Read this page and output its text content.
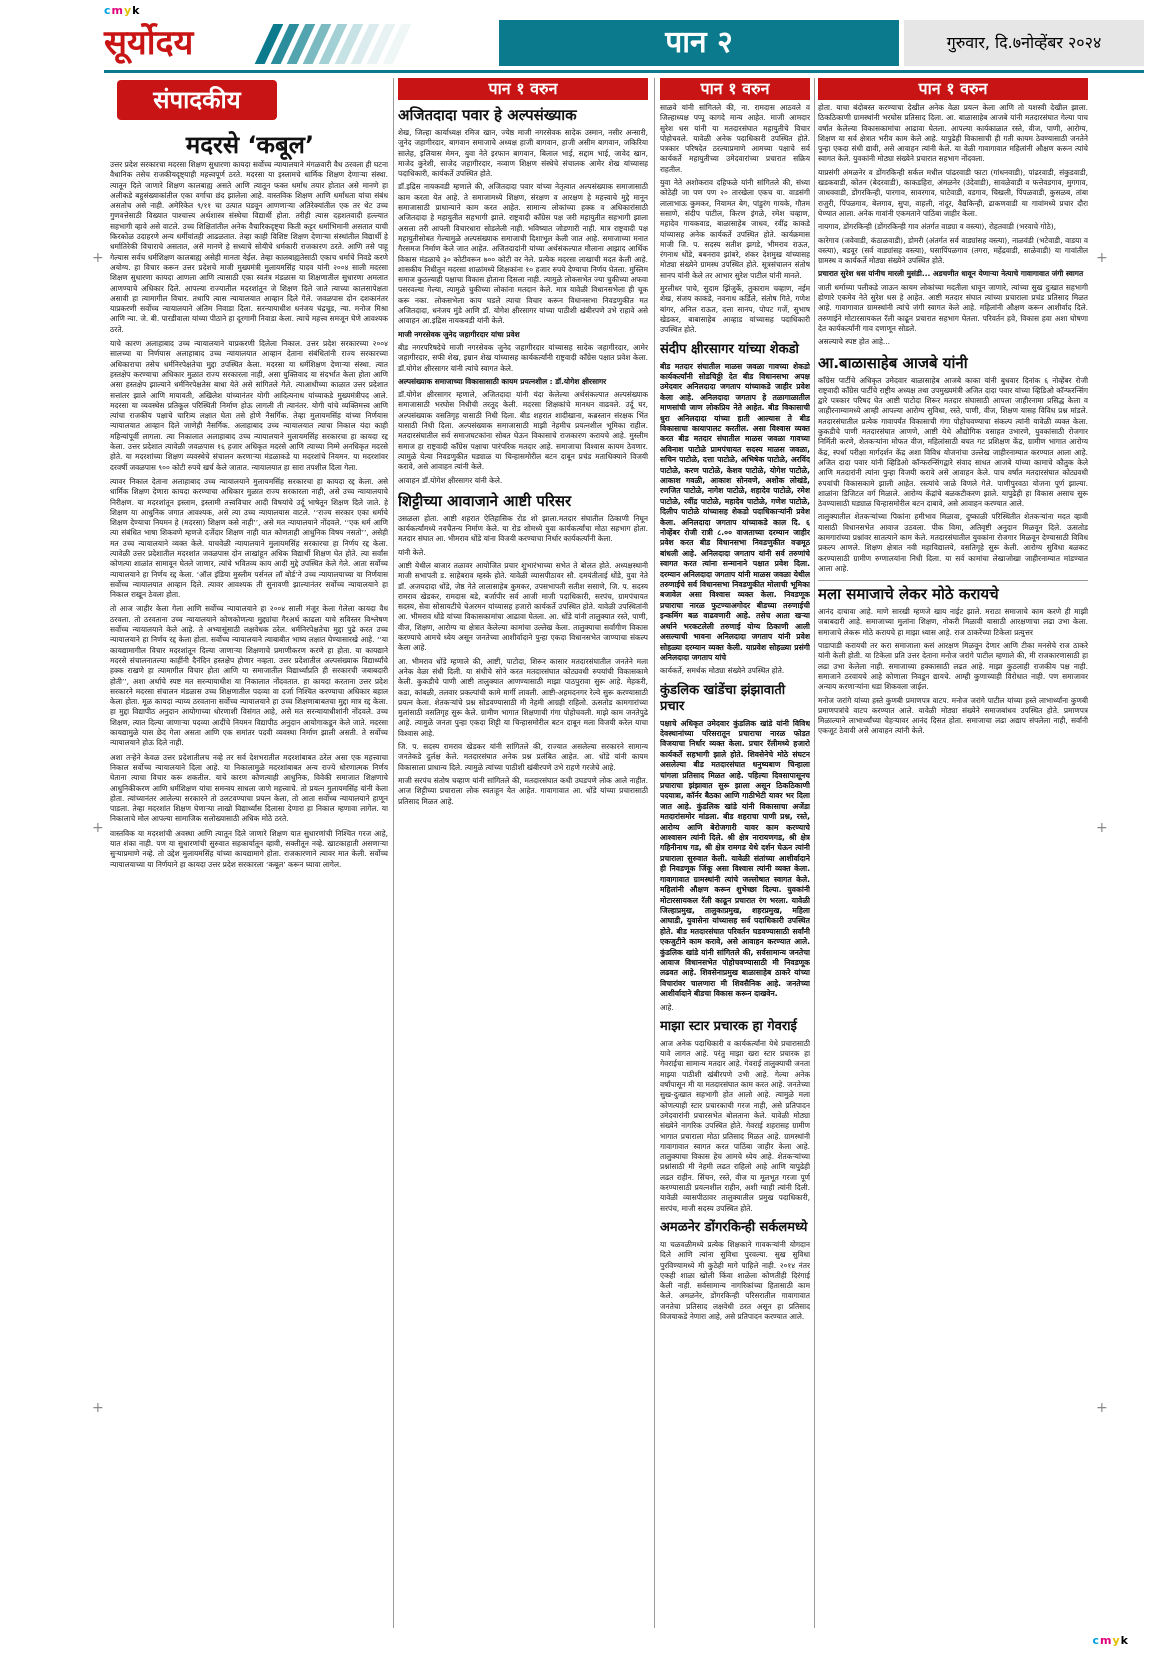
cmyk
सूर्योदय	पान २	गुरुवार, दि.७नोव्हेंबर २०२४
+
+
+
+
+
+
संपादकीय
मदरसे ‘कबूल’

उत्तर प्रदेश सरकारचा मदरसा शिक्षण सुधारणा कायदा सर्वोच्च न्यायालयाने मंगळवारी वैध ठरवला ही घटना वैधानिक तसेच राजकीयदृष्ट्याही महत्त्वपूर्ण ठरते. मदरसा या इस्लामचे धार्मिक शिक्षण देणाऱ्या संस्था. त्यातून दिले जाणारे शिक्षण कालबाह्य असते आणि त्यातून फक्त धर्मांध तयार होतात असे मानणे हा अलीकडे बहुसंख्याकांतील एका वर्गाचा छंद झालेला आहे. वास्तविक शिक्षण आणि धर्मांधता यांचा संबंध असतोच असे नाही. अमेरिकेत ९/११ चा उत्पात घडवून आणणाऱ्या अतिरेक्यांतील एक तर थेट उच्च गुणवत्तेसाठी विख्यात पाश्चात्त्य अर्थशास्त्र संस्थेचा विद्यार्थी होता. तरीही त्यास दहशतवादी हल्ल्यात सहभागी व्हावे असे वाटले. उच्च शिक्षितांतील अनेक वैचारिकदृष्ट्या किती कट्टर धर्माभिमानी असतात याची किरकोळ उदाहरणे अन्य धर्मीयांतही आढळतात. तेव्हा काही विशिष्ट शिक्षण देणाऱ्या संस्थांतील विद्यार्थी हे धर्मातिरेकी विचाराचे असतात, असे मानणे हे सध्याचे सोयीचे धर्मकारी राजकारण ठरते. आणि तसे पाहू गेल्यास सर्वच धर्मशिक्षण कालबाह्य असेही मानता येईल. तेव्हा कालबाह्यतेसाठी एकाच धर्माचे निवडे करणे अयोग्य. हा विचार करून उत्तर प्रदेशचे माजी मुख्यमंत्री मुलायमसिंह यादव यांनी २००४ साली मदरसा शिक्षण सुधारणा कायदा आणला आणि त्यासाठी एका स्वतंत्र मंडळास या शिक्षणातील सुधारणा अमलात आणण्याचे अधिकार दिले. आपल्या राज्यातील मदरशांतून जे शिक्षण दिले जाते त्याच्या कालसापेक्षता असावी हा त्यामागील विचार. तथापि त्यास न्यायालयात आव्हान दिले गेले. जवळपास दोन दशकानंतर याप्रकरणी सर्वोच्च न्यायालयाने अंतिम निवाडा दिला. सरन्यायाधीश धनंजय चंद्रचूड, न्या. मनोज मिश्रा आणि न्या. जे. बी. पारडीवाला यांच्या पीठाने हा दूरगामी निवाडा केला. त्याचे महत्त्व समजून घेणे आवश्यक ठरते.

याचे कारण अलाहाबाद उच्च न्यायालयाने याप्रकरणी दिलेला निकाल. उत्तर प्रदेश सरकारच्या २००४ सालच्या या निर्णयास अलाहाबाद उच्च न्यायालयात आव्हान देताना संबंधितांनी राज्य सरकारच्या अधिकाराचा तसेच धर्मनिरपेक्षतेचा मुद्दा उपस्थित केला. मदरसा या धर्मशिक्षण देणाऱ्या संस्था. त्यात हस्तक्षेप करण्याचा अधिकार मुळात राज्य सरकारला नाही, असा युक्तिवाद या संदर्भात केला होता आणि असा हस्तक्षेप झाल्याने धर्मनिरपेक्षतेस बाधा येते असे सांगितले गेले. त्याआधीच्या काळात उत्तर प्रदेशात सत्तांतर झाले आणि मायावती, अखिलेश यांच्यानंतर योगी आदित्यनाथ यांच्याकडे मुख्यमंत्रीपद आले. मदरसा या व्यवस्थेस प्रतिकूल परिस्थिती निर्माण होऊ लागली ती त्यानंतर. योगी यांचे व्यक्तिमत्त्व आणि त्यांचा राजकीय पक्षाचे चारित्र्य लक्षात घेता तसे होणे नैसर्गिक. तेव्हा मुलायमसिंह यांच्या निर्णयास न्यायालयात आव्हान दिले जाणेही नैसर्गिक. अलाहाबाद उच्च न्यायालयात त्याचा निकाल यंदा काही महिन्यांपूर्वी लागला. त्या निकालात अलाहाबाद उच्च न्यायालयाने मुलायमसिंह सरकारचा हा कायदा रद्द केला. उत्तर प्रदेशात त्यावेळी जवळपास १६ हजार अधिकृत मदरसे आणि त्याच्या निम्मे अनधिकृत मदरसे होते. या मदरशांच्या शिक्षण व्यवस्थेचे संचालन करणाऱ्या मंडळाकडे या मदरशांचे नियमन. या मदरशांवर दरवर्षी जवळपास ९०० कोटी रुपये खर्च केले जातात. न्यायालयात हा सारा तपशील दिला गेला.

त्यावर निकाल देताना अलाहाबाद उच्च न्यायालयाने मुलायमसिंह सरकारचा हा कायदा रद्द केला. असे धार्मिक शिक्षण देणारा कायदा करण्याचा अधिकार मुळात राज्य सरकारला नाही, असे उच्च न्यायालयाचे निरीक्षण. या मदरशांतून इस्लाम, इस्लामी तत्त्वविचार आदी विषयांचे उर्दू भाषेतून शिक्षण दिले जाते. हे शिक्षण या आधुनिक जगात आवश्यक, असे त्या उच्च न्यायालयास वाटले. ‘‘राज्य सरकार एका धर्माचे शिक्षण देण्याचा नियमन हे (मदरसा) शिक्षण कसे नाही’’, असे मत न्यायालयाने नोंदवले. ‘‘एक धर्म आणि त्या संबंधित भाषा शिकवणे म्हणजे दर्जेदार शिक्षण नाही यात कोणताही आधुनिक विषय नसतो’’, असेही मत उच्च न्यायालयाने व्यक्त केले. याचवेळी न्यायालयाने मुलायमसिंह सरकारचा हा निर्णय रद्द केला. त्यावेळी उत्तर प्रदेशातील मदरशांत जवळपास दोन लाखांहून अधिक विद्यार्थी शिक्षण घेत होते. त्या सर्वांस कोणत्या शाळांत सामावून घेतले जाणार, त्यांचे भवितव्य काय आदी मुद्दे उपस्थित केले गेले. आता सर्वोच्च न्यायालयाने हा निर्णय रद्द केला. ‘ऑल इंडिया मुस्लीम पर्सनल लॉ बोर्ड’ने उच्च न्यायालयाच्या या निर्णयास सर्वोच्च न्यायालयात आव्हान दिले. त्यावर आवश्यक ती सुनावणी झाल्यानंतर सर्वोच्च न्यायालयाने हा निकाल राखून ठेवला होता.

तो आज जाहीर केला गेला आणि सर्वोच्च न्यायालयाने हा २००४ साली मंजूर केला गेलेला कायदा वैध ठरवला. तो ठरवताना उच्च न्यायालयाने कोणकोणत्या मुद्द्यांचा गैरअर्थ काढला याचे सविस्तर विश्लेषण सर्वोच्च न्यायालयाने केले आहे. ते अभ्यासूंसाठी लक्षवेधक ठरेल. धर्मनिरपेक्षतेचा मुद्दा पुढे करत उच्च न्यायालयाने हा निर्णय रद्द केला होता. सर्वोच्च न्यायालयाने त्याबाबीत भाष्य लक्षात घेण्यासारखे आहे. ‘‘या कायद्यामागील विचार मदरशांतून दिल्या जाणाऱ्या शिक्षणाचे प्रमाणीकरण करणे हा होता. या कायद्याने मदरसे संचालनातल्या काहींनी दैनंदिन हस्तक्षेप होणार नव्हता. उत्तर प्रदेशातील अल्पसंख्याक विद्यार्थ्यांचे हक्क राखणे हा त्यामागील विचार होता आणि या समाजातील विद्यार्थ्यांप्रति ही सरकारची जबाबदारी होती’’, अशा अर्थाचे स्पष्ट मत सरन्यायाधीश या निकालात नोंदवतात. हा कायदा करताना उत्तर प्रदेश सरकारने मदरसा संचालन मंडळास उच्च शिक्षणातील पदव्या वा दर्जा निश्चित करण्याचा अधिकार बहाल केला होता. मूळ कायदा न्याय्य ठरवताना सर्वोच्च न्यायालयाने हा उच्च शिक्षणाबाबतचा मुद्दा मात्र रद्द केला. हा मुद्दा विद्यापीठ अनुदान आयोगाच्या धोरणाशी विसंगत आहे, असे मत सरन्यायाधीशांनी नोंदवले. उच्च शिक्षण, त्यात दिल्या जाणाऱ्या पदव्या आदींचे नियमन विद्यापीठ अनुदान आयोगाकडून केले जाते. मदरसा कायद्यामुळे यास छेद गेला असता आणि एक समांतर पदवी व्यवस्था निर्माण झाली असती. ते सर्वोच्च न्यायालयाने होऊ दिले नाही.

अशा तऱ्हेने केवळ उत्तर प्रदेशातीलच नव्हे तर सर्व देशभरातील मदरशांबाबत ठरेल असा एक महत्त्वाचा निकाल सर्वोच्च न्यायालयाने दिला आहे. या निकालामुळे मदरशांबाबत अन्य राज्ये धोरणात्मक निर्णय घेताना त्याचा विचार करू शकतील. याचे कारण कोणत्याही आधुनिक, विवेकी समाजात शिक्षणाचे आधुनिकीकरण आणि धर्मशिक्षण यांचा समन्वय साधला जाणे महत्त्वाचे. तो प्रयत्न मुलायमसिंह यांनी केला होता. त्यांच्यानंतर आलेल्या सरकारने तो उलटवण्याचा प्रयत्न केला, तो आता सर्वोच्च न्यायालयाने हाणून पाडला. तेव्हा मदरशांत शिक्षण घेणाऱ्या लाखो विद्यार्थ्यांस दिलासा देणारा हा निकाल म्हणावा लागेल. या निकालाचे मोल आपल्या सामाजिक सलोख्यासाठी अधिक मोठे ठरते.

वास्तविक या मदरशांची अवस्था आणि त्यातून दिले जाणारे शिक्षण यात सुधारणांची निश्चित गरज आहे, यात शंका नाही. पण या सुधारणांची सुरुवात सहकार्यातून व्हावी, सक्तीतून नव्हे. खाटकाहाती असणाऱ्या सुऱ्याप्रमाणे नव्हे. तो उद्देश मुलायमसिंह यांच्या कायद्यामागे होता. राजकारणाने त्यावर मात केली. सर्वोच्च न्यायालयाच्या या निर्णयाने हा कायदा उत्तर प्रदेश सरकारला ‘कबूल’ करून घ्यावा लागेल.

पान १ वरुन
अजितदादा पवार हे अल्पसंख्याक

शेख, जिल्हा कार्याध्यक्ष रमिज खान, ज्येष्ठ माजी नगरसेवक सादेक उस्मान, नसीर अन्सारी, जुनेद जहागीरदार, बागवान समाजाचे अध्यक्ष हाजी बागवान, हाजी असीम बागवान, जकिरिया सालेह, इलियास मेमन, युवा नेते इरफान बागवान, बिलाल भाई, सद्दाम भाई, जावेद खान, माजेद कुरेशी, साजेद जहागीरदार, नव्वाण शिक्षण संस्थेचे संचालक आमेर शेख यांच्यासह पदाधिकारी, कार्यकर्ते उपस्थित होते.

डॉ.इद्रिस नायकवडी म्हणाले की, अजितदादा पवार यांच्या नेतृत्वात अल्पसंख्याक समाजासाठी काम करता येत आहे. ते समाजामध्ये शिक्षण, संरक्षण व आरक्षण हे महत्त्वाचे मुद्दे मानून समाजासाठी प्राधान्याने काम करत आहेत. सामान्य लोकांच्या हक्क व अधिकारांसाठी अजितदादा हे महायुतीत सहभागी झाले. राष्ट्रवादी काँग्रेस पक्ष जरी महायुतीत सहभागी झाला असला तरी आपली विचारधारा सोडलेली नाही. भविष्यात जोडणारी नाही. मात्र राष्ट्रवादी पक्ष महायुतीसोबत गेल्यामुळे अल्पसंख्याक समाजाची दिशाभूल केली जात आहे. समाजाच्या मनात गैरसमज निर्माण केले जात आहेत. अजितदादांनी यांच्या अर्थसंकल्पात मौलाना आझाद आर्थिक विकास मंडळाचे ३० कोटीवरून ७०० कोटी वर नेले. प्रत्येक मदरसा लाखाची मदत केली आहे. शासकीय निधीतून मदरसा शाळांमध्ये शिक्षकांना १० हजार रुपये देण्याचा निर्णय घेतला. मुस्लिम समाज कुठल्याही पक्षाचा विकास होताना दिसला नाही. त्यामुळे लोकसभेत ज्या चुकीच्या अफवा पसरवल्या गेल्या, त्यामुळे चुकीच्या लोकांना मतदान केले. मात्र यावेळी विधानसभेला ही चूक करू नका. लोकसभेला काय घडले त्याचा विचार करून विधानसभा निवडणुकीत मत अजितदादा, धनंजय मुंडे आणि डॉ. योगेश क्षीरसागर यांच्या पाठीशी खंबीरपणे उभे राहावे असे आवाहन आ.इद्रिस नायकवडी यांनी केले.

माजी नगरसेवक जुनेद जहागीरदार यांचा प्रवेश

बीड नगरपरिषदेचे माजी नगरसेवक जुनेद जहागीरदार यांच्यासह सादेक जहागीरदार, आमेर जहागीरदार, सफी शेख, इम्रान शेख यांच्यासह कार्यकर्त्यांनी राष्ट्रवादी काँग्रेस पक्षात प्रवेश केला. डॉ.योगेश क्षीरसागर यांनी त्यांचे स्वागत केले.

अल्पसंख्याक समाजाच्या विकासासाठी कायम प्रयत्नशील : डॉ.योगेश क्षीरसागर

डॉ.योगेश क्षीरसागर म्हणाले, अजितदादा यांनी यंदा केलेल्या अर्थसंकल्पात अल्पसंख्याक समाजासाठी भरघोस निधीची तरतूद केली. मदरसा शिक्षकांचे मानधन वाढवले. उर्दू घर, अल्पसंख्याक वसतिगृह यासाठी निधी दिला. बीड शहरात शादीखाना, कब्रस्तान संरक्षक भिंत यासाठी निधी दिला. अल्पसंख्याक समाजासाठी माझी नेहमीच प्रयत्नशील भूमिका राहील. मतदारसंघातील सर्व समाजघटकांना सोबत घेऊन विकासाचे राजकारण करायचे आहे. मुस्लीम समाज हा राष्ट्रवादी काँग्रेस पक्षाचा पारंपरिक मतदार आहे. समाजाचा विश्वास कायम ठेवणार. त्यामुळे येत्या निवडणुकीत घड्याळ या चिन्हासमोरील बटन दाबून प्रचंड मताधिक्याने विजयी करावे, असे आवाहन त्यांनी केले.

आवाहन डॉ.योगेश क्षीरसागर यांनी केले.

शिट्टीच्या आवाजाने आष्टी परिसर

उसळला होता. आष्टी शहरात ऐतिहासिक रोड शो झाला.मतदार संघातील ठिकाणी निघून कार्यकर्त्यांमध्ये नवचैतन्य निर्माण केले. या रोड शोमध्ये युवा कार्यकर्त्यांचा मोठा सहभाग होता. मतदार संघात आ. भीमराव धोंडे यांना विजयी करण्याचा निर्धार कार्यकर्त्यांनी केला.

यांनी केले.

आष्टी येथील बाजार तळावर आयोजित प्रचार शुभारंभाच्या सभेत ते बोलत होते. अध्यक्षस्थानी माजी सभापती ड. साहेबराव म्हस्के होते. यावेळी व्यासपीठावर सौ. दमयंतीताई धोंडे, युवा नेते डॉ. अजयदादा धोंडे, जेष्ठ नेते लालासाहेब कुमकर, उपसभापती सतीश ससाणे, जि. प. सदस्य रामराव खेडकर, रामदास बडे, बर्जापीर सर्व आजी माजी पदाधिकारी, सरपंच, ग्रामपंचायत सदस्य, सेवा सोसायटीचे चेअरमन यांच्यासह हजारो कार्यकर्ते उपस्थित होते. यावेळी उपस्थितांनी आ. भीमराव धोंडे यांच्या विकासकामांचा आढावा घेतला. आ. धोंडे यांनी तालुक्यात रस्ते, पाणी, वीज, शिक्षण, आरोग्य या क्षेत्रात केलेल्या कामांचा उल्लेख केला. तालुक्याचा सर्वांगीण विकास करण्याचे आमचे ध्येय असून जनतेच्या आशीर्वादाने पुन्हा एकदा विधानसभेत जाण्याचा संकल्प केला आहे.

आ. भीमराव धोंडे म्हणाले की, आष्टी, पाटोदा, शिरूर कासार मतदारसंघातील जनतेने मला अनेक वेळा संधी दिली. या संधीचे सोने करत मतदारसंघात कोट्यवधी रुपयांची विकासकामे केली. कुकडीचे पाणी आष्टी तालुक्यात आणण्यासाठी माझा पाठपुरावा सुरू आहे. मेहकरी, कडा, कांबळी, तलवार प्रकल्पांची कामे मार्गी लावली. आष्टी-अहमदनगर रेल्वे सुरू करण्यासाठी प्रयत्न केला. शेतकऱ्यांचे प्रश्न सोडवण्यासाठी मी नेहमी आग्रही राहिलो. ऊसतोड कामगारांच्या मुलांसाठी वसतिगृह सुरू केले. ग्रामीण भागात शिक्षणाची गंगा पोहोचवली. माझे काम जनतेपुढे आहे. त्यामुळे जनता पुन्हा एकदा शिट्टी या चिन्हासमोरील बटन दाबून मला विजयी करेल याचा विश्वास आहे.

जि. प. सदस्य रामराव खेडकर यांनी सांगितले की, राज्यात असलेल्या सरकारने सामान्य जनतेकडे दुर्लक्ष केले. मतदारसंघात अनेक प्रश्न प्रलंबित आहेत. आ. धोंडे यांनी कायम विकासाला प्राधान्य दिले. त्यामुळे त्यांच्या पाठीशी खंबीरपणे उभे राहणे गरजेचे आहे.

माजी सरपंच संतोष चव्हाण यांनी सांगितले की, मतदारसंघात कधी उघडपणे लोक आले नाहीत. आज शिट्टीच्या प्रचाराला लोक स्वतःहून येत आहेत. गावागावात आ. धोंडे यांच्या प्रचारासाठी प्रतिसाद मिळत आहे.

पान १ वरुन

साळवे यांनी सांगितले की, ना. रामदास आठवले व जिल्हाध्यक्ष पप्पू कागदे मान्य आहेत. माजी आमदार सुरेश धस यांनी या मतदारसंघात महायुतीचे विचार पोहोचवले. यावेळी अनेक पदाधिकारी उपस्थित होते. पत्रकार परिषदेत ठरल्याप्रमाणे आमच्या पक्षाचे सर्व कार्यकर्ते महायुतीच्या उमेदवारांच्या प्रचारात सक्रिय राहतील.

युवा नेते अशोकराव दहिफळे यांनी सांगितले की, संध्या कोठेही जा पण पण २० तारखेला एकच या. वाडसंगी लालाभाऊ कुमकर, नियामत बेग, पांडुरंग गायके, गौतम ससाणे, संदीप पाटील, किरण इंगळे, रमेश चव्हाण, महादेव गायकवाड, बाळासाहेब जाधव, रवींद्र काकडे यांच्यासह अनेक कार्यकर्ते उपस्थित होते. कार्यक्रमास माजी जि. प. सदस्य सतीश झगडे, भीमराव राऊत, रंगनाथ धोंडे, बबनराव झांबरे, शंकर देशमुख यांच्यासह मोठ्या संख्येने ग्रामस्थ उपस्थित होते. सूत्रसंचालन संतोष सानप यांनी केले तर आभार सुरेश पाटील यांनी मानले.

मुरलीधर पाचे, सुदाम झिंजुर्के, तुकाराम चव्हाण, नईम शेख, संजय काकडे, नवनाथ कर्डिले, संतोष गिते, गणेश बांगर, अनिल राऊत, दत्ता सानप, पोपट गर्जे, सुभाष खेडकर, बाबासाहेब आव्हाड यांच्यासह पदाधिकारी उपस्थित होते.

संदीप क्षीरसागर यांच्या शेकडो

बीड मतदार संघातील माळस जवळा गावच्या शेकडो कार्यकर्त्यांनी सोडचिठ्ठी देत बीड विधानसभा अपक्ष उमेदवार अनिलदादा जगताप यांच्याकडे जाहीर प्रवेश केला आहे. अनिलदादा जगताप हे तळागाळातील माणसांची जाण लोकप्रिय नेते आहेत. बीड विकासाची धुरा अनिलदादा यांच्या हाती आल्यास ते बीड विकासाचा कायापालट करतील. असा विश्वास व्यक्त करत बीड मतदार संघातील माळस जवळा गावच्या अविनाश पाटोळे प्रामपंचायत सदस्य माळस जवळा, सचिन पाटोळे, दत्ता पाटोळे, अभिषेक पाटोळे, अरविंद पाटोळे, करण पाटोळे, केशव पाटोळे, योगेश पाटोळे, आकाश गवळी, आकाश सोनवणे, अशोक लोखंडे, रणजित पाटोळे, नागेश पाटोळे, शहादेव पाटोळे, रमेश पाटोळे, रवींद्र पाटोळे, महादेव पाटोळे, गणेश पाटोळे, दिलीप पाटोळे यांच्यासह शेकडो पदाधिकाऱ्यांनी प्रवेश केला. अनिलदादा जगताप यांच्याकडे काल दि. ६ नोव्हेंबर रोजी रात्री ८.०० वाजताच्या दरम्यान जाहीर प्रवेश करत बीड विधानसभा निवडणुकीत वज्रमूठ बांधली आहे. अनिलदादा जगताप यांनी सर्व तरुणांचे स्वागत करत त्यांना सन्मानाने पक्षात प्रवेश दिला. दरम्यान अनिलदादा जगताप यांनी माळस जवळा येथील तरुणाईचे सर्व विधानसभा निवडणुकीत मोलाची भूमिका बजावेल असा विश्वास व्यक्त केला. निवडणूक प्रचाराचा नारळ फुटण्याअगोदर बीडच्या तरुणाईची इन्कमिंग बळ वाढवणारी आहे. तसेच आता खऱ्या अर्थाने भरकटलेली तरुणाई योग्य ठिकाणी आली असल्याची भावना अनिलदादा जगताप यांनी प्रवेश सोहळ्या दरम्यान व्यक्त केली. याप्रवेश सोहळ्या प्रसंगी अनिलदादा जगताप यांचे

कार्यकर्ते, समर्थक मोठ्या संख्येने उपस्थित होते.

कुंडलिक खांडेंचा झंझावाती प्रचार

पक्षाचे अधिकृत उमेदवार कुंडलिक खांडे यांनी विविध देवस्थानांच्या परिसरातून प्रचाराचा नारळ फोडत विजयाचा निर्धार व्यक्त केला. प्रचार रॅलीमध्ये हजारो कार्यकर्ते सहभागी झाले होते. शिवसेनेचे मोठे संघटन असलेल्या बीड मतदारसंघात धनुष्यबाण चिन्हाला चांगला प्रतिसाद मिळत आहे. पहिल्या दिवसापासूनच प्रचाराचा झंझावात सुरू झाला असून ठिकठिकाणी पदयात्रा, कॉर्नर बैठका आणि गाठीभेटी यावर भर दिला जात आहे. कुंडलिक खांडे यांनी विकासाचा अजेंडा मतदारांसमोर मांडला. बीड शहराचा पाणी प्रश्न, रस्ते, आरोग्य आणि बेरोजगारी यावर काम करण्याचे आश्वासन त्यांनी दिले. श्री क्षेत्र नारायणगड, श्री क्षेत्र गहिनीनाथ गड, श्री क्षेत्र रामगड येथे दर्शन घेऊन त्यांनी प्रचाराला सुरुवात केली. यावेळी संतांच्या आशीर्वादाने ही निवडणूक जिंकू असा विश्वास त्यांनी व्यक्त केला. गावागावात ग्रामस्थांनी त्यांचे जल्लोषात स्वागत केले. महिलांनी औक्षण करून शुभेच्छा दिल्या. युवकांनी मोटारसायकल रॅली काढून प्रचारात रंग भरला. यावेळी जिल्हाप्रमुख, तालुकाप्रमुख, शहरप्रमुख, महिला आघाडी, युवासेना यांच्यासह सर्व पदाधिकारी उपस्थित होते. बीड मतदारसंघात परिवर्तन घडवण्यासाठी सर्वांनी एकजुटीने काम करावे, असे आवाहन करण्यात आले. कुंडलिक खांडे यांनी सांगितले की, सर्वसामान्य जनतेचा आवाज विधानसभेत पोहोचवण्यासाठी मी निवडणूक लढवत आहे. शिवसेनाप्रमुख बाळासाहेब ठाकरे यांच्या विचारांवर चालणारा मी शिवसैनिक आहे. जनतेच्या आशीर्वादाने बीडचा विकास करून दाखवेन.

आहे.

माझा स्टार प्रचारक हा गेवराई

आज अनेक पदाधिकारी व कार्यकर्त्यांना येथे प्रचारासाठी यावे लागत आहे. परंतु माझा खरा स्टार प्रचारक हा गेवराईचा सामान्य मतदार आहे. गेवराई तालुक्याची जनता माझ्या पाठीशी खंबीरपणे उभी आहे. गेल्या अनेक वर्षांपासून मी या मतदारसंघात काम करत आहे. जनतेच्या सुख-दुःखात सहभागी होत आलो आहे. त्यामुळे मला कोणत्याही स्टार प्रचारकाची गरज नाही, असे प्रतिपादन उमेदवारांनी प्रचारसभेत बोलताना केले. यावेळी मोठ्या संख्येने नागरिक उपस्थित होते. गेवराई शहरासह ग्रामीण भागात प्रचाराला मोठा प्रतिसाद मिळत आहे. ग्रामस्थांनी गावागावात स्वागत करत पाठिंबा जाहीर केला आहे. तालुक्याचा विकास हेच आमचे ध्येय आहे. शेतकऱ्यांच्या प्रश्नांसाठी मी नेहमी लढत राहिलो आहे आणि यापुढेही लढत राहीन. सिंचन, रस्ते, वीज या मूलभूत गरजा पूर्ण करण्यासाठी प्रयत्नशील राहीन, अशी ग्वाही त्यांनी दिली. यावेळी व्यासपीठावर तालुक्यातील प्रमुख पदाधिकारी, सरपंच, माजी सदस्य उपस्थित होते.

अमळनेर डोंगरकिन्ही सर्कलमध्ये

या चळवळीमध्ये प्रत्येक शिक्षकाने गावकऱ्यांनी योगदान दिले आणि त्यांना सुविधा पुरवल्या. सुख सुविधा पुरविण्यामध्ये मी कुठेही मागे पाहिले नाही. २०१४ नंतर एकही शाळा खोली किंवा शाळेला कोणतीही दिरंगाई केली नाही. सर्वसामान्य नागरिकांच्या हितासाठी काम केले. अमळनेर, डोंगरकिन्ही परिसरातील गावागावात जनतेचा प्रतिसाद लक्षवेधी ठरत असून हा प्रतिसाद विजयाकडे नेणारा आहे, असे प्रतिपादन करण्यात आले.

पान १ वरुन

होता. याचा बंदोबस्त करण्याचा देखील अनेक वेळा प्रयत्न केला आणि तो यशस्वी देखील झाला. ठिकठिकाणी ग्रामस्थांनी भरघोस प्रतिसाद दिला. आ. बाळासाहेब आजबे यांनी मतदारसंघात गेल्या पाच वर्षांत केलेल्या विकासकामांचा आढावा घेतला. आपल्या कार्यकाळात रस्ते, वीज, पाणी, आरोग्य, शिक्षण या सर्व क्षेत्रात भरीव काम केले आहे. यापुढेही विकासाची ही गती कायम ठेवण्यासाठी जनतेने पुन्हा एकदा संधी द्यावी, असे आवाहन त्यांनी केले. या वेळी गावागावात महिलांनी औक्षण करून त्यांचे स्वागत केले. युवकांनी मोठ्या संख्येने प्रचारात सहभाग नोंदवला.

याप्रसंगी अंमळनेर व डोंगरकिन्ही सर्कल मधील पांढरवाडी फाटा (गांधनवाडी), पांढरवाडी, संकुडवाडी, खडकवाडी, कोतन (बेदरवाडी), काकडहिरा, अंमळनेर (उंदेवाडी), सावळेवाडी व फत्तेवडगाव, मुगगाव, जाधववाडी, डोंगरकिन्ही, पारगाव, सावरगाव, घाटेवाडी, वडगाव, चिखली, पिंपळवाडी, कुसळब, तांबा राजुरी, पिंपळगाव, बेलगाव, सुपा, वाहली, नांदूर, वैद्यकिन्ही, ढाकणवाडी या गावांमध्ये प्रचार दौरा घेण्यात आला. अनेक गावांनी एकमताने पाठिंबा जाहीर केला.

नायगाव, डोंगरकिन्ही (डोंगरकिन्ही गाव अंतर्गत वाड्या व वस्त्या), रोहतवाडी (भरवाचे गोठे),

कारेगाव (जवेवाडी, कंठाळवाडी), डोमरी (अंतर्गत सर्व वाड्यांसह वस्त्या), नाळवंडी (भटेवाडी, वाडया व वस्त्या), बडवूर (सर्व वाड्यांसह वस्त्या), घसापिंपळगाव (तगरा, महेंद्रवाडी, साळेवाडी) या गावांतील ग्रामस्थ व कार्यकर्ते मोठ्या संख्येने उपस्थित होते.

प्रचारात सुरेश धस यांनीच मारली मुसंडी... अडचणीत धावून येणाऱ्या नेत्याचे गावागावात जंगी स्वागत

जाती धर्माच्या पलीकडे जाऊन कायम लोकांच्या मदतीला धावून जाणारे, त्यांच्या सुख दुःखात सहभागी होणारे एकमेव नेते सुरेश धस हे आहेत. आष्टी मतदार संघात त्यांच्या प्रचाराला प्रचंड प्रतिसाद मिळत आहे. गावागावात ग्रामस्थांनी त्यांचे जंगी स्वागत केले आहे. महिलांनी औक्षण करून आशीर्वाद दिले. तरुणाईने मोटारसायकल रॅली काढून प्रचारात सहभाग घेतला. परिवर्तन हवे, विकास हवा अशा घोषणा देत कार्यकर्त्यांनी गाव दणाणून सोडले.

असल्याचे स्पष्ट होत आहे...

आ.बाळासाहेब आजबे यांनी

काँग्रेस पार्टीचे अधिकृत उमेदवार बाळासाहेब आजबे काका यांनी बुधवार दिनांक ६ नोव्हेंबर रोजी राष्ट्रवादी काँग्रेस पार्टीचे राष्ट्रीय अध्यक्ष तथा उपमुख्यमंत्री अजित दादा पवार यांच्या व्हिडिओ कॉन्फरन्सिंग द्वारे पत्रकार परिषद घेत आष्टी पाटोदा शिरूर मतदार संघासाठी आपला जाहीरनामा प्रसिद्ध केला व जाहीरनाम्यामध्ये आम्ही आपल्या आरोग्य सुविधा, रस्ते, पाणी, वीज, शिक्षण यासह विविध प्रश्न मांडले. मतदारसंघातील प्रत्येक गावापर्यंत विकासाची गंगा पोहोचवण्याचा संकल्प त्यांनी यावेळी व्यक्त केला. कुकडीचे पाणी मतदारसंघात आणणे, आष्टी येथे औद्योगिक वसाहत उभारणे, युवकांसाठी रोजगार निर्मिती करणे, शेतकऱ्यांना मोफत वीज, महिलांसाठी बचत गट प्रशिक्षण केंद्र, ग्रामीण भागात आरोग्य केंद्र, स्पर्धा परीक्षा मार्गदर्शन केंद्र अशा विविध योजनांचा उल्लेख जाहीरनाम्यात करण्यात आला आहे. अजित दादा पवार यांनी व्हिडिओ कॉन्फरन्सिंगद्वारे संवाद साधत आजबे यांच्या कामाचे कौतुक केले आणि मतदारांनी त्यांना पुन्हा विजयी करावे असे आवाहन केले. पाच वर्षांत मतदारसंघात कोट्यवधी रुपयांची विकासकामे झाली आहेत. रस्त्यांचे जाळे विणले गेले. पाणीपुरवठा योजना पूर्ण झाल्या. शाळांना डिजिटल वर्ग मिळाले. आरोग्य केंद्रांचे बळकटीकरण झाले. यापुढेही हा विकास असाच सुरू ठेवण्यासाठी घड्याळ चिन्हासमोरील बटन दाबावे, असे आवाहन करण्यात आले.

तालुक्यातील शेतकऱ्यांच्या पिकांना हमीभाव मिळावा, दुष्काळी परिस्थितीत शेतकऱ्यांना मदत व्हावी यासाठी विधानसभेत आवाज उठवला. पीक विमा, अतिवृष्टी अनुदान मिळवून दिले. ऊसतोड कामगारांच्या प्रश्नांवर सातत्याने काम केले. मतदारसंघातील युवकांना रोजगार मिळवून देण्यासाठी विविध प्रकल्प आणले. शिक्षण क्षेत्रात नवी महाविद्यालये, वसतिगृहे सुरू केली. आरोग्य सुविधा बळकट करण्यासाठी ग्रामीण रुग्णालयांना निधी दिला. या सर्व कामांचा लेखाजोखा जाहीरनाम्यात मांडण्यात आला आहे.

मला समाजाचे लेकर मोठे करायचे

आनंद दाचावा आहे. माणे सारखी म्हणजे खाय नाईट झाले. मराठा समाजाचे काम करणे ही माझी जबाबदारी आहे. समाजाच्या मुलांना शिक्षण, नोकरी मिळावी यासाठी आरक्षणाचा लढा उभा केला. समाजाचे लेकरू मोठे करायचे हा माझा ध्यास आहे. राज ठाकरेंच्या टिकेला प्रत्युत्तर

पाडापाडी करायची तर करा समाजाला कसं आरक्षण मिळवून देणार आणि टीका मनसेचे राज ठाकरे यांनी केली होती. या टिकेला प्रति उत्तर देताना मनोज जरांगे पाटील म्हणाले की, मी राजकारणासाठी हा लढा उभा केलेला नाही. समाजाच्या हक्कासाठी लढत आहे. माझा कुठलाही राजकीय पक्ष नाही. समाजाने ठरवायचे आहे कोणाला निवडून द्यायचे. आम्ही कुणाच्याही विरोधात नाही. पण समाजावर अन्याय करणाऱ्यांना धडा शिकवला जाईल.

मनोज जरांगे यांच्या हस्ते कुणबी प्रमाणपत्र वाटप. मनोज जरांगे पाटील यांच्या हस्ते लाभार्थ्यांना कुणबी प्रमाणपत्रांचे वाटप करण्यात आले. यावेळी मोठ्या संख्येने समाजबांधव उपस्थित होते. प्रमाणपत्र मिळाल्याने लाभार्थ्यांच्या चेहऱ्यावर आनंद दिसत होता. समाजाचा लढा अद्याप संपलेला नाही, सर्वांनी एकजूट ठेवावी असे आवाहन त्यांनी केले.

cmyk
